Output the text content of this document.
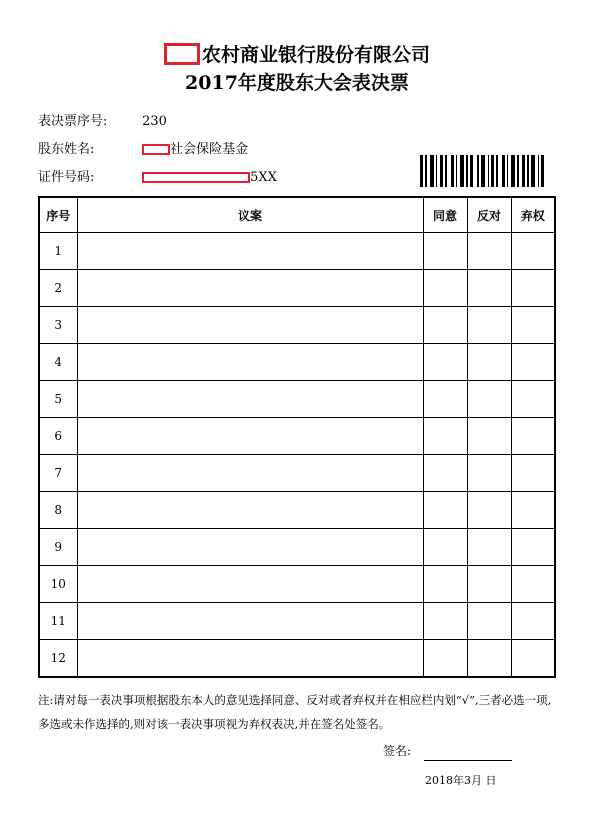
农村商业银行股份有限公司
2017年度股东大会表决票
表决票序号:	230
股东姓名:	社会保险基金
证件号码:	5XX
序号	议案	同意	反对	弃权
1				
2				
3				
4				
5				
6				
7				
8				
9				
10				
11				
12				
注:请对每一表决事项根据股东本人的意见选择同意、反对或者弃权并在相应栏内划“√”,三者必选一项,多选或未作选择的,则对该一表决事项视为弃权表决,并在签名处签名。
签名:
2018年3月 日
